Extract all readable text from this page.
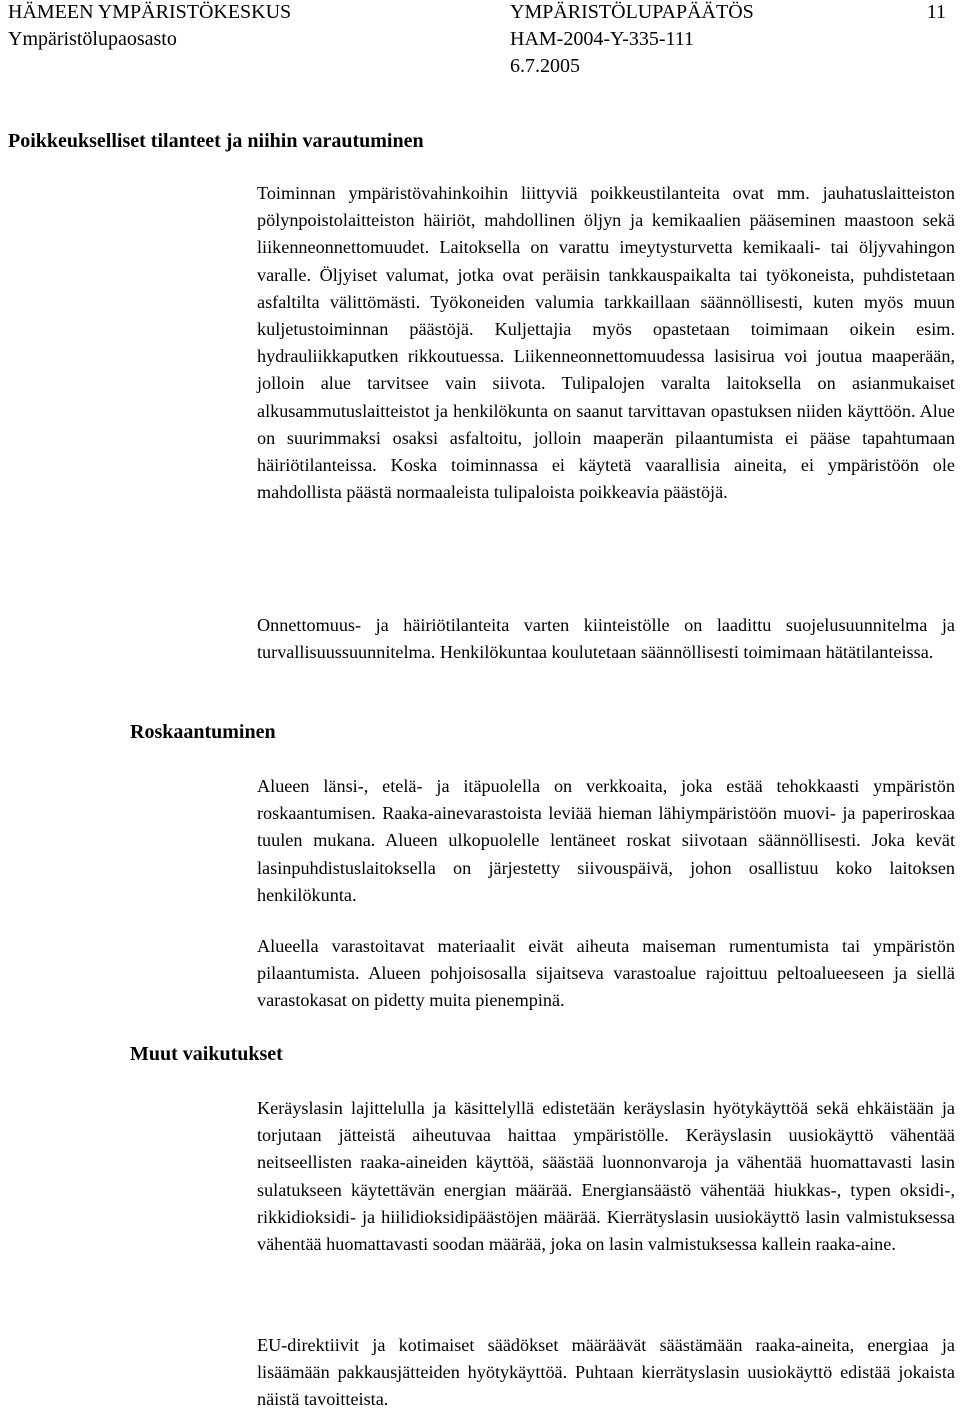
HÄMEEN YMPÄRISTÖKESKUS
Ympäristölupaosasto
YMPÄRISTÖLUPAPÄÄTÖS
HAM-2004-Y-335-111
6.7.2005
11
Poikkeukselliset tilanteet ja niihin varautuminen
Toiminnan ympäristövahinkoihin liittyviä poikkeustilanteita ovat mm. jauhatuslaitteiston pölynpoistolaitteiston häiriöt, mahdollinen öljyn ja kemikaalien pääseminen maastoon sekä liikenneonnettomuudet. Laitoksella on varattu imeytysturvetta kemikaali- tai öljyvahingon varalle. Öljyiset valumat, jotka ovat peräisin tankkauspaikalta tai työkoneista, puhdistetaan asfaltilta välittömästi. Työkoneiden valumia tarkkaillaan säännöllisesti, kuten myös muun kuljetustoiminnan päästöjä. Kuljettajia myös opastetaan toimimaan oikein esim. hydrauliikkaputken rikkoutuessa. Liikenneonnettomuudessa lasisirua voi joutua maaperään, jolloin alue tarvitsee vain siivota. Tulipalojen varalta laitoksella on asianmukaiset alkusammutuslaitteistot ja henkilökunta on saanut tarvittavan opastuksen niiden käyttöön. Alue on suurimmaksi osaksi asfaltoitu, jolloin maaperän pilaantumista ei pääse tapahtumaan häiriötilanteissa. Koska toiminnassa ei käytetä vaarallisia aineita, ei ympäristöön ole mahdollista päästä normaaleista tulipaloista poikkeavia päästöjä.
Onnettomuus- ja häiriötilanteita varten kiinteistölle on laadittu suojelusuunnitelma ja turvallisuussuunnitelma. Henkilökuntaa koulutetaan säännöllisesti toimimaan hätätilanteissa.
Roskaantuminen
Alueen länsi-, etelä- ja itäpuolella on verkkoaita, joka estää tehokkaasti ympäristön roskaantumisen. Raaka-ainevarastoista leviää hieman lähiympäristöön muovi- ja paperiroskaa tuulen mukana. Alueen ulkopuolelle lentäneet roskat siivotaan säännöllisesti. Joka kevät lasinpuhdistuslaitoksella on järjestetty siivouspäivä, johon osallistuu koko laitoksen henkilökunta.
Alueella varastoitavat materiaalit eivät aiheuta maiseman rumentumista tai ympäristön pilaantumista. Alueen pohjoisosalla sijaitseva varastoalue rajoittuu peltoalueeseen ja siellä varastokasat on pidetty muita pienempinä.
Muut vaikutukset
Keräyslasin lajittelulla ja käsittelyllä edistetään keräyslasin hyötykäyttöä sekä ehkäistään ja torjutaan jätteistä aiheutuvaa haittaa ympäristölle. Keräyslasin uusiokäyttö vähentää neitseellisten raaka-aineiden käyttöä, säästää luonnonvaroja ja vähentää huomattavasti lasin sulatukseen käytettävän energian määrää. Energiansäästö vähentää hiukkas-, typen oksidi-, rikkidioksidi- ja hiilidioksidipäästöjen määrää. Kierrätyslasin uusiokäyttö lasin valmistuksessa vähentää huomattavasti soodan määrää, joka on lasin valmistuksessa kallein raaka-aine.
EU-direktiivit ja kotimaiset säädökset määräävät säästämään raaka-aineita, energiaa ja lisäämään pakkausjätteiden hyötykäyttöä. Puhtaan kierrätyslasin uusiokäyttö edistää jokaista näistä tavoitteista.
